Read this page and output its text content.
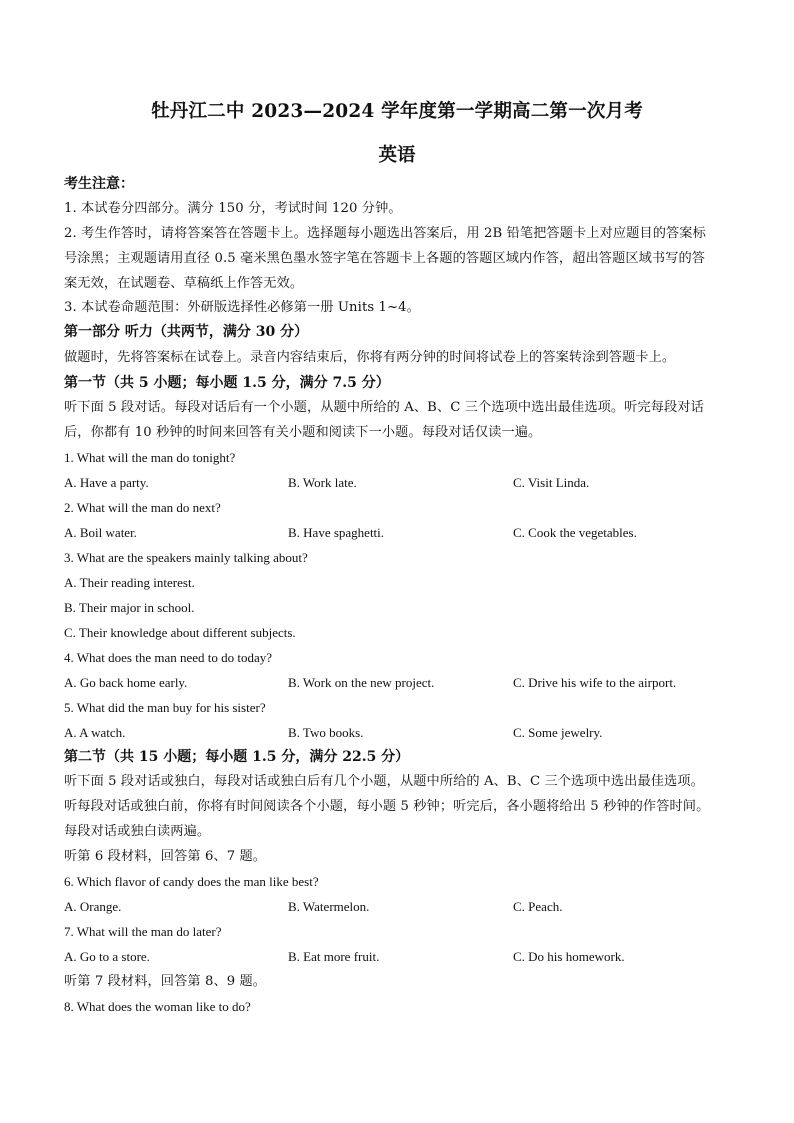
牡丹江二中 2023—2024 学年度第一学期高二第一次月考
英语
考生注意：
1. 本试卷分四部分。满分 150 分，考试时间 120 分钟。
2. 考生作答时，请将答案答在答题卡上。选择题每小题选出答案后，用 2B 铅笔把答题卡上对应题目的答案标
号涂黑；主观题请用直径 0.5 毫米黑色墨水签字笔在答题卡上各题的答题区域内作答，超出答题区域书写的答
案无效，在试题卷、草稿纸上作答无效。
3. 本试卷命题范围：外研版选择性必修第一册 Units 1~4。
第一部分 听力（共两节，满分 30 分）
做题时，先将答案标在试卷上。录音内容结束后，你将有两分钟的时间将试卷上的答案转涂到答题卡上。
第一节（共 5 小题；每小题 1.5 分，满分 7.5 分）
听下面 5 段对话。每段对话后有一个小题，从题中所给的 A、B、C 三个选项中选出最佳选项。听完每段对话
后，你都有 10 秒钟的时间来回答有关小题和阅读下一小题。每段对话仅读一遍。
1. What will the man do tonight?
A. Have a party.	B. Work late.	C. Visit Linda.
2. What will the man do next?
A. Boil water.	B. Have spaghetti.	C. Cook the vegetables.
3. What are the speakers mainly talking about?
A. Their reading interest.
B. Their major in school.
C. Their knowledge about different subjects.
4. What does the man need to do today?
A. Go back home early.	B. Work on the new project.	C. Drive his wife to the airport.
5. What did the man buy for his sister?
A. A watch.	B. Two books.	C. Some jewelry.
第二节（共 15 小题；每小题 1.5 分，满分 22.5 分）
听下面 5 段对话或独白，每段对话或独白后有几个小题，从题中所给的 A、B、C 三个选项中选出最佳选项。
听每段对话或独白前，你将有时间阅读各个小题，每小题 5 秒钟；听完后，各小题将给出 5 秒钟的作答时间。
每段对话或独白读两遍。
听第 6 段材料，回答第 6、7 题。
6. Which flavor of candy does the man like best?
A. Orange.	B. Watermelon.	C. Peach.
7. What will the man do later?
A. Go to a store.	B. Eat more fruit.	C. Do his homework.
听第 7 段材料，回答第 8、9 题。
8. What does the woman like to do?
